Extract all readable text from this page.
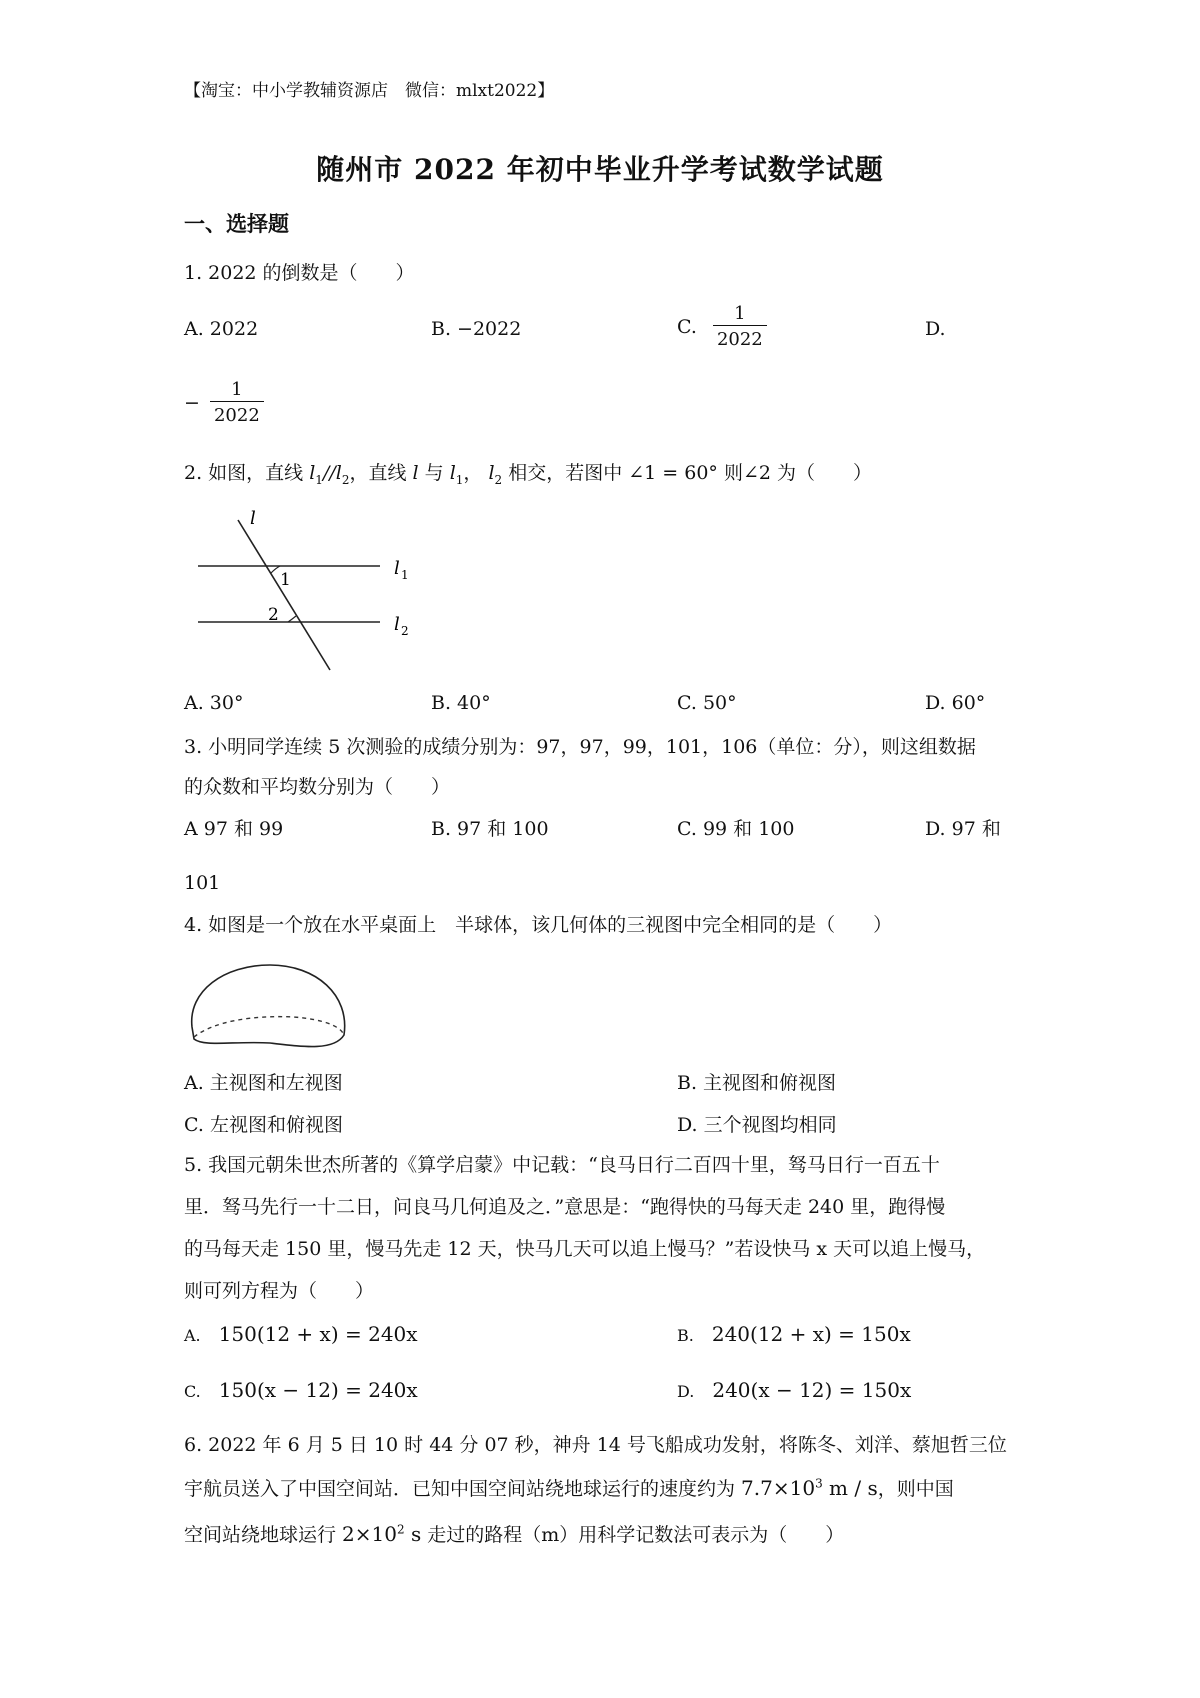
【淘宝：中小学教辅资源店　微信：mlxt2022】
随州市 2022 年初中毕业升学考试数学试题
一、选择题
1. 2022 的倒数是（　　）
A. 2022	B. −2022	C. $\frac{1}{2022}$	D.
− $\frac{1}{2022}$
2. 如图，直线 $l_1//l_2$，直线 l 与 $l_1$， $l_2$ 相交，若图中 ∠1 = 60° 则∠2 为（　　）
l
1
2
l 1
l 2
A. 30°	B. 40°	C. 50°	D. 60°
3. 小明同学连续 5 次测验的成绩分别为：97，97，99，101，106（单位：分），则这组数据
的众数和平均数分别为（　　）
A 97 和 99	B. 97 和 100	C. 99 和 100	D. 97 和
101
4. 如图是一个放在水平桌面上　半球体，该几何体的三视图中完全相同的是（　　）
A. 主视图和左视图	B. 主视图和俯视图
C. 左视图和俯视图	D. 三个视图均相同
5. 我国元朝朱世杰所著的《算学启蒙》中记载：“良马日行二百四十里，驽马日行一百五十
里．驽马先行一十二日，问良马几何追及之．”意思是：“跑得快的马每天走 240 里，跑得慢
的马每天走 150 里，慢马先走 12 天，快马几天可以追上慢马？”若设快马 x 天可以追上慢马，
则可列方程为（　　）
A. 150(12 + x) = 240x	B. 240(12 + x) = 150x
C. 150(x − 12) = 240x	D. 240(x − 12) = 150x
6. 2022 年 6 月 5 日 10 时 44 分 07 秒，神舟 14 号飞船成功发射，将陈冬、刘洋、蔡旭哲三位
宇航员送入了中国空间站．已知中国空间站绕地球运行的速度约为 $7.7\times 10^3$ m / s，则中国
空间站绕地球运行 $2\times 10^2$ s 走过的路程（m）用科学记数法可表示为（　　）
